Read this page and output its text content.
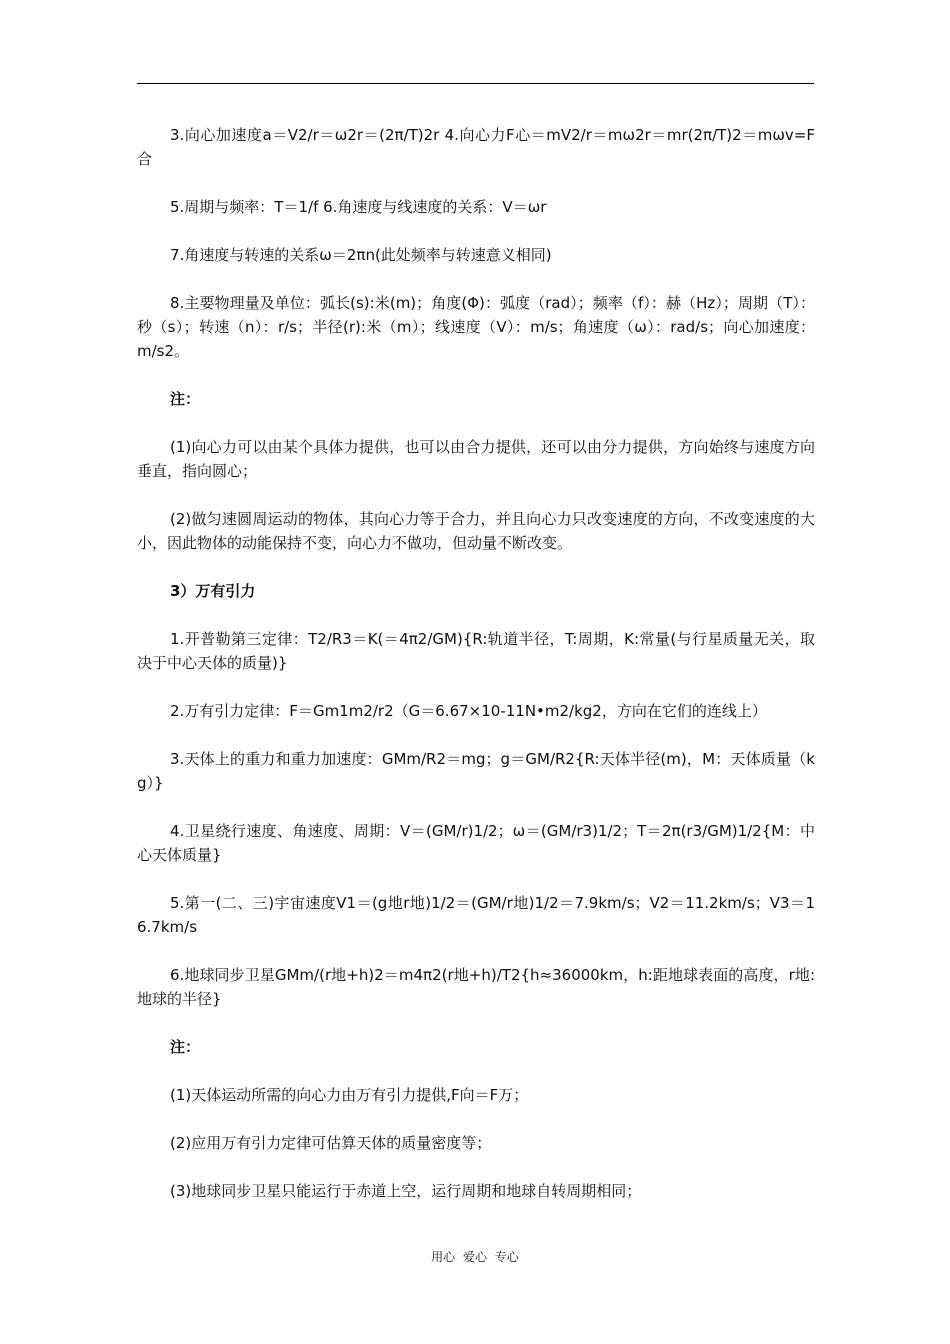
3.向心加速度a＝V2/r＝ω2r＝(2π/T)2r 4.向心力F心＝mV2/r＝mω2r＝mr(2π/T)2＝mωv=F合

5.周期与频率：T＝1/f 6.角速度与线速度的关系：V＝ωr

7.角速度与转速的关系ω＝2πn(此处频率与转速意义相同)

8.主要物理量及单位：弧长(s):米(m)；角度(Φ)：弧度（rad）；频率（f）：赫（Hz）；周期（T）：秒（s）；转速（n）：r/s；半径(r):米（m）；线速度（V）：m/s；角速度（ω）：rad/s；向心加速度：m/s2。

注：

(1)向心力可以由某个具体力提供，也可以由合力提供，还可以由分力提供，方向始终与速度方向垂直，指向圆心；

(2)做匀速圆周运动的物体，其向心力等于合力，并且向心力只改变速度的方向，不改变速度的大小，因此物体的动能保持不变，向心力不做功，但动量不断改变。

3）万有引力

1.开普勒第三定律：T2/R3＝K(＝4π2/GM){R:轨道半径，T:周期，K:常量(与行星质量无关，取决于中心天体的质量)}

2.万有引力定律：F＝Gm1m2/r2（G＝6.67×10-11N•m2/kg2，方向在它们的连线上）

3.天体上的重力和重力加速度：GMm/R2＝mg；g＝GM/R2{R:天体半径(m)，M：天体质量（kg）}

4.卫星绕行速度、角速度、周期：V＝(GM/r)1/2；ω＝(GM/r3)1/2；T＝2π(r3/GM)1/2{M：中心天体质量}

5.第一(二、三)宇宙速度V1＝(g地r地)1/2＝(GM/r地)1/2＝7.9km/s；V2＝11.2km/s；V3＝16.7km/s

6.地球同步卫星GMm/(r地+h)2＝m4π2(r地+h)/T2{h≈36000km，h:距地球表面的高度，r地:地球的半径}

注：

(1)天体运动所需的向心力由万有引力提供,F向＝F万；

(2)应用万有引力定律可估算天体的质量密度等；

(3)地球同步卫星只能运行于赤道上空，运行周期和地球自转周期相同；

用心 爱心 专心
